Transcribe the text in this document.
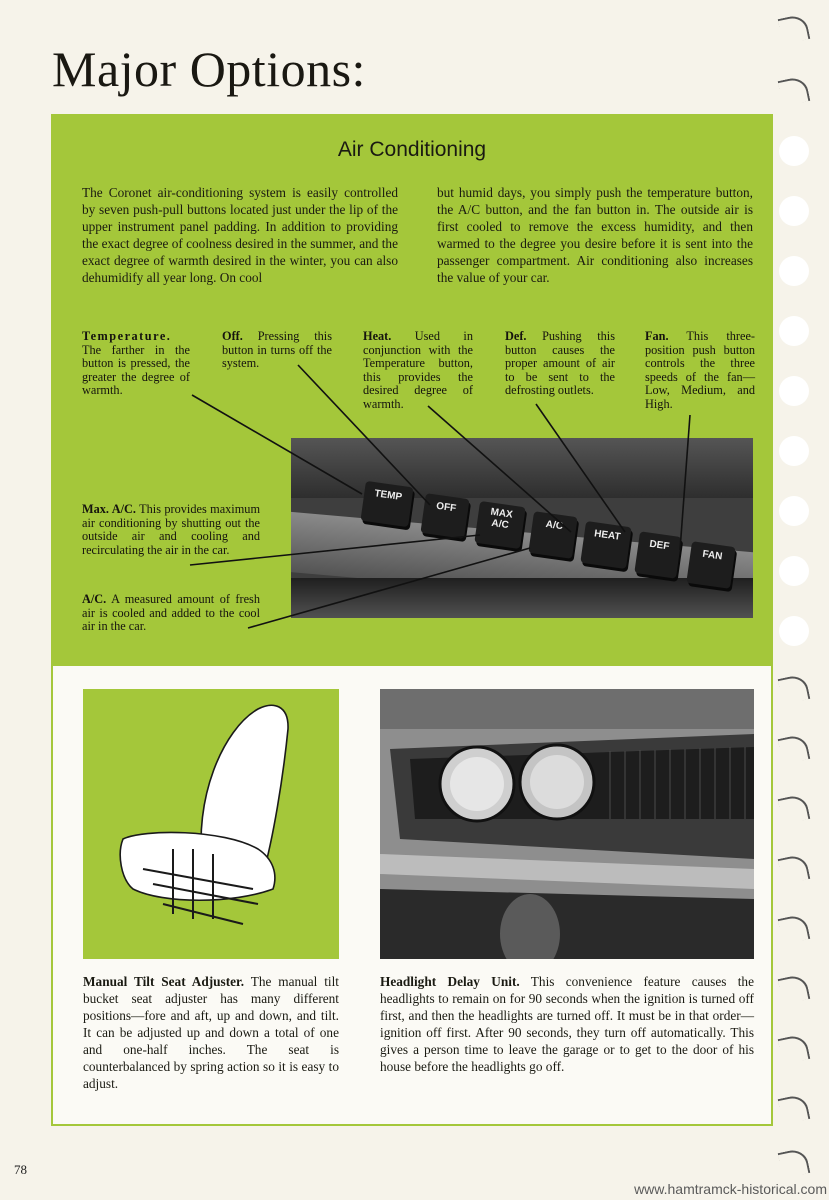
Major Options:
Air Conditioning

The Coronet air-conditioning system is easily controlled by seven push-pull buttons located just under the lip of the upper instrument panel padding. In addition to providing the exact degree of coolness desired in the summer, and the exact degree of warmth desired in the winter, you can also dehumidify all year long. On cool

but humid days, you simply push the temperature button, the A/C button, and the fan button in. The outside air is first cooled to remove the excess humidity, and then warmed to the degree you desire before it is sent into the passenger compartment. Air conditioning also increases the value of your car.

Temperature. The farther in the button is pressed, the greater the degree of warmth.
Off. Pressing this button in turns off the system.
Heat. Used in conjunction with the Temperature button, this provides the desired degree of warmth.
Def. Pushing this button causes the proper amount of air to be sent to the defrosting outlets.
Fan. This three-position push button controls the three speeds of the fan—Low, Medium, and High.
Max. A/C. This provides maximum air conditioning by shutting out the outside air and cooling and recirculating the air in the car.
A/C. A measured amount of fresh air is cooled and added to the cool air in the car.
TEMP
OFF	MAX
A/C	A/C
HEAT
DEF
FAN

Manual Tilt Seat Adjuster. The manual tilt bucket seat adjuster has many different positions—fore and aft, up and down, and tilt. It can be adjusted up and down a total of one and one-half inches. The seat is counterbalanced by spring action so it is easy to adjust.

Headlight Delay Unit. This convenience feature causes the headlights to remain on for 90 seconds when the ignition is turned off first, and then the headlights are turned off. It must be in that order—ignition off first. After 90 seconds, they turn off automatically. This gives a person time to leave the garage or to get to the door of his house before the headlights go off.

78
www.hamtramck-historical.com
